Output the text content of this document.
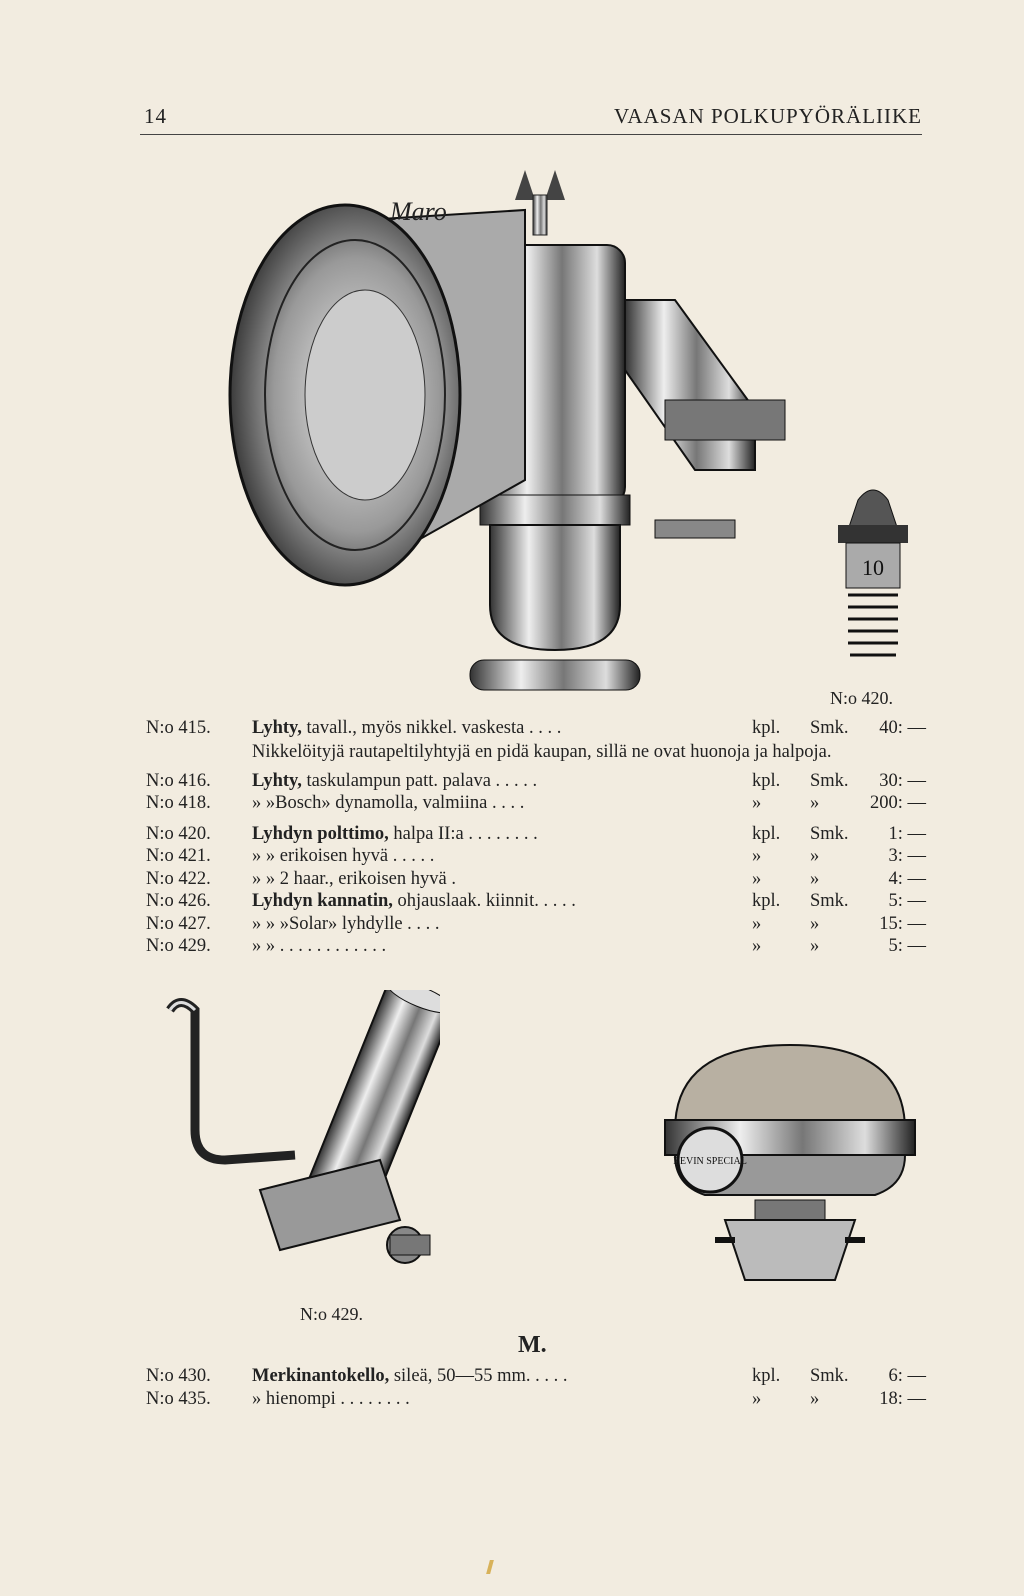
14	VAASAN POLKUPYÖRÄLIIKE
Maro
10
N:o 420.
N:o 415.	Lyhty, tavall., myös nikkel. vaskesta . . . .	kpl.	Smk.	40: —
Nikkelöityjä rautapeltilyhtyjä en pidä kaupan, sillä ne ovat huonoja ja halpoja.
N:o 416.	Lyhty, taskulampun patt. palava . . . . .	kpl.	Smk.	30: —
N:o 418.	» »Bosch» dynamolla, valmiina . . . .	»	»	200: —
N:o 420.	Lyhdyn polttimo, halpa II:a . . . . . . . .	kpl.	Smk.	1: —
N:o 421.	» » erikoisen hyvä . . . . .	»	»	3: —
N:o 422.	» » 2 haar., erikoisen hyvä .	»	»	4: —
N:o 426.	Lyhdyn kannatin, ohjauslaak. kiinnit. . . . .	kpl.	Smk.	5: —
N:o 427.	» » »Solar» lyhdylle . . . .	»	»	15: —
N:o 429.	» » . . . . . . . . . . . .	»	»	5: —
N:o 429.
BEVIN SPECIAL
M.
N:o 430.	Merkinantokello, sileä, 50—55 mm. . . . .	kpl.	Smk.	6: —
N:o 435.	» hienompi . . . . . . . .	»	»	18: —
